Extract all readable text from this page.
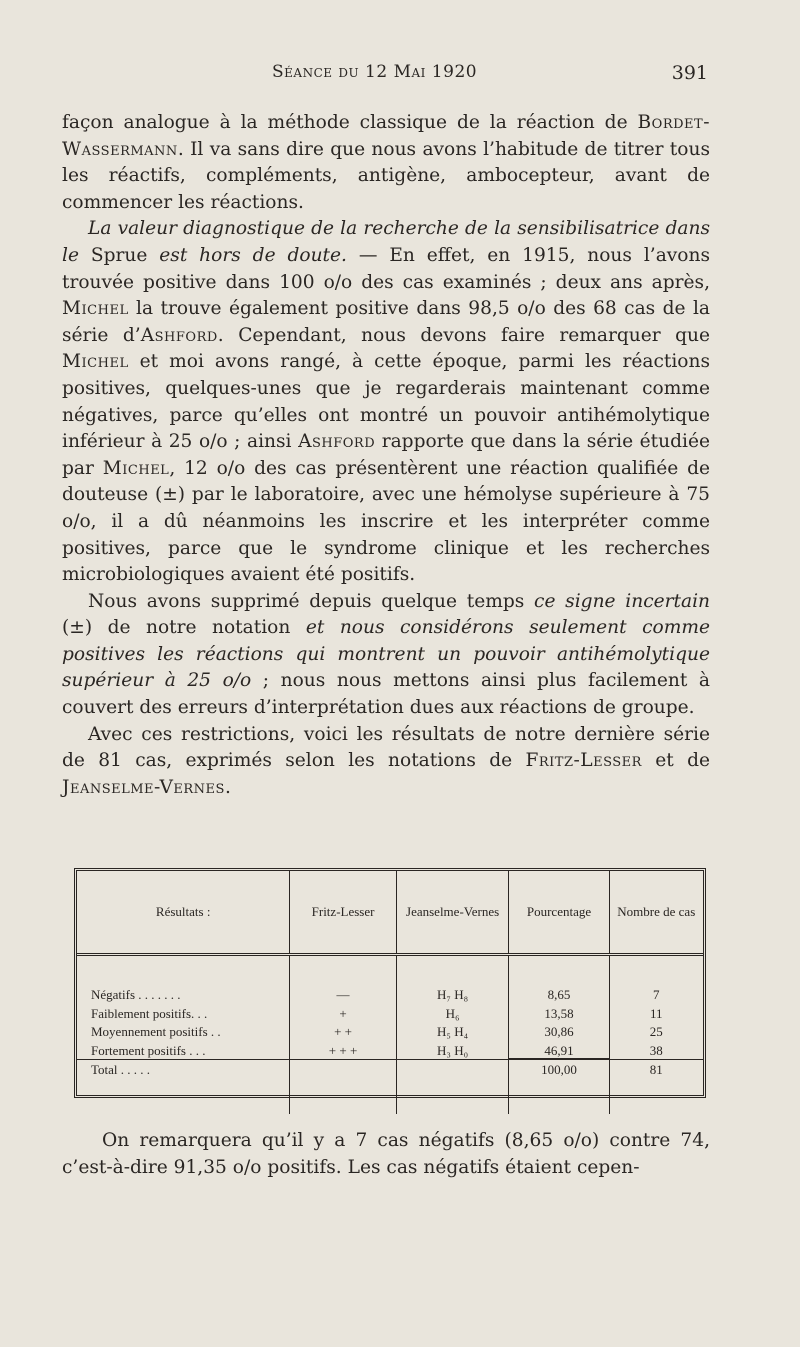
Séance du 12 Mai 1920	391

façon analogue à la méthode classique de la réaction de Bordet-Wassermann. Il va sans dire que nous avons l’habitude de titrer tous les réactifs, compléments, antigène, ambocepteur, avant de commencer les réactions.

La valeur diagnostique de la recherche de la sensibilisatrice dans le Sprue est hors de doute. — En effet, en 1915, nous l’avons trouvée positive dans 100 o/o des cas examinés ; deux ans après, Michel la trouve également positive dans 98,5 o/o des 68 cas de la série d’Ashford. Cependant, nous devons faire remarquer que Michel et moi avons rangé, à cette époque, parmi les réactions positives, quelques-unes que je regarderais maintenant comme négatives, parce qu’elles ont montré un pouvoir antihémolytique inférieur à 25 o/o ; ainsi Ashford rapporte que dans la série étudiée par Michel, 12 o/o des cas présentèrent une réaction qualifiée de douteuse (±) par le laboratoire, avec une hémolyse supérieure à 75 o/o, il a dû néanmoins les inscrire et les interpréter comme positives, parce que le syndrome clinique et les recherches microbiologiques avaient été positifs.

Nous avons supprimé depuis quelque temps ce signe incertain (±) de notre notation et nous considérons seulement comme positives les réactions qui montrent un pouvoir antihémolytique supérieur à 25 o/o ; nous nous mettons ainsi plus facilement à couvert des erreurs d’interprétation dues aux réactions de groupe.

Avec ces restrictions, voici les résultats de notre dernière série de 81 cas, exprimés selon les notations de Fritz-Lesser et de Jeanselme-Vernes.

Résultats :	Fritz-Lesser	Jeanselme-Vernes	Pourcentage	Nombre de cas

Négatifs . . . . . . .	—	H₇ H₈	8,65	7
Faiblement positifs. . .	+	H₆	13,58	11
Moyennement positifs . .	+ +	H₅ H₄	30,86	25
Fortement positifs . . .	+ + +	H₃ H₀	46,91	38
Total . . . . .			100,00	81

On remarquera qu’il y a 7 cas négatifs (8,65 o/o) contre 74, c’est-à-dire 91,35 o/o positifs. Les cas négatifs étaient cepen-
